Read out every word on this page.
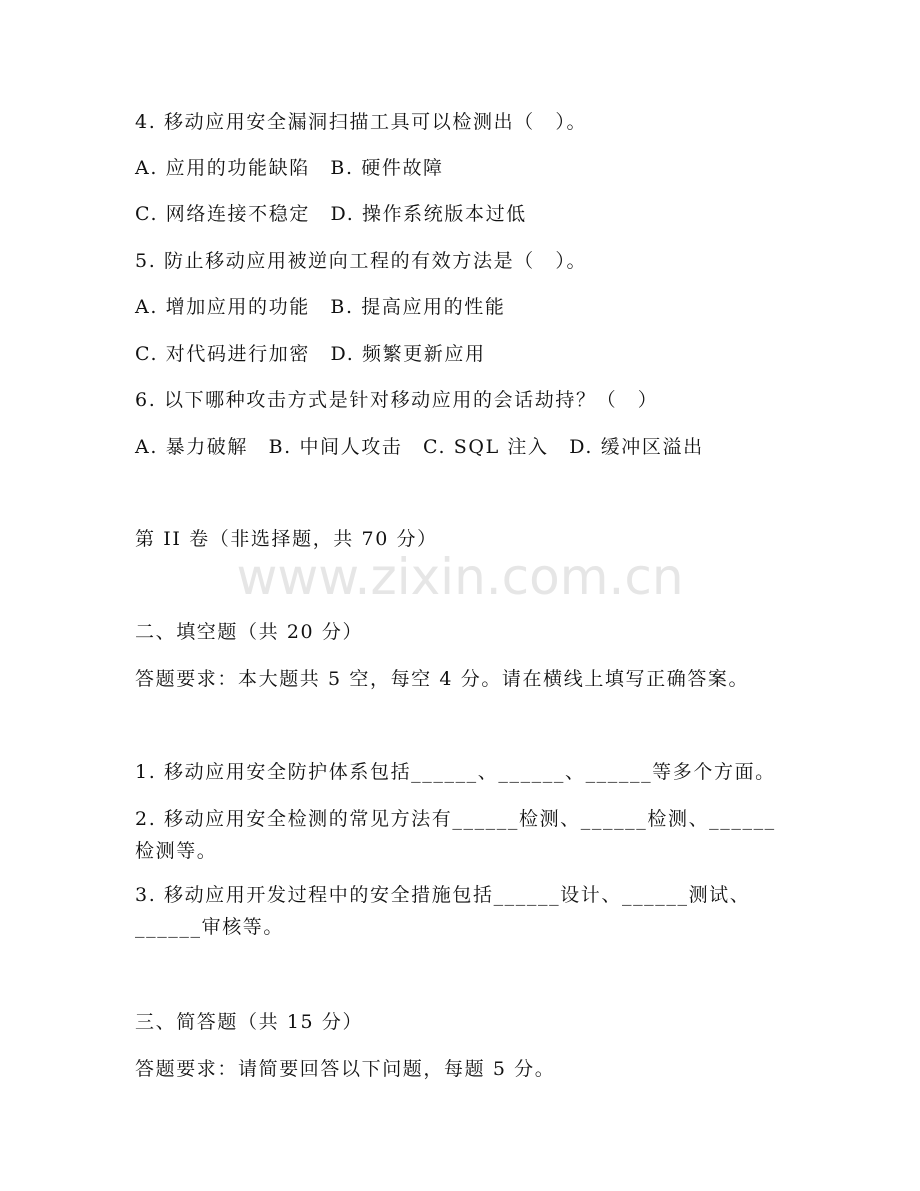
www.zixin.com.cn
4. 移动应用安全漏洞扫描工具可以检测出（　）。
A. 应用的功能缺陷　B. 硬件故障
C. 网络连接不稳定　D. 操作系统版本过低
5. 防止移动应用被逆向工程的有效方法是（　）。
A. 增加应用的功能　B. 提高应用的性能
C. 对代码进行加密　D. 频繁更新应用
6. 以下哪种攻击方式是针对移动应用的会话劫持？（　）
A. 暴力破解　B. 中间人攻击　C. SQL 注入　D. 缓冲区溢出
第 II 卷（非选择题，共 70 分）
二、填空题（共 20 分）
答题要求：本大题共 5 空，每空 4 分。请在横线上填写正确答案。
1. 移动应用安全防护体系包括______、______、______等多个方面。
2. 移动应用安全检测的常见方法有______检测、______检测、______
检测等。
3. 移动应用开发过程中的安全措施包括______设计、______测试、
______审核等。
三、简答题（共 15 分）
答题要求：请简要回答以下问题，每题 5 分。
